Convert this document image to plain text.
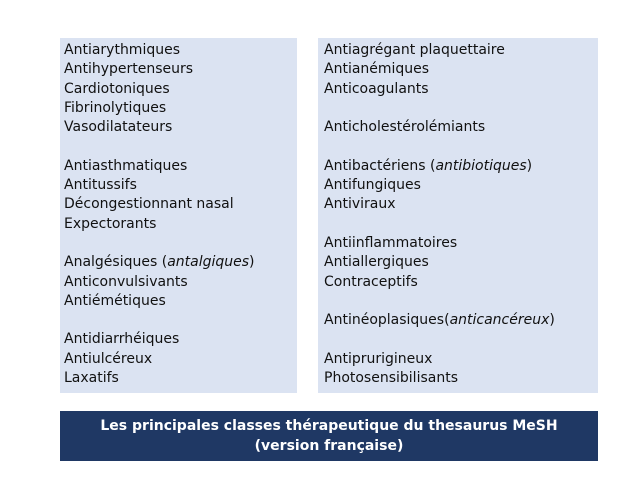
Antiarythmiques
Antihypertenseurs
Cardiotoniques
Fibrinolytiques
Vasodilatateurs
Antiasthmatiques
Antitussifs
Décongestionnant nasal
Expectorants
Analgésiques (antalgiques)
Anticonvulsivants
Antiémétiques
Antidiarrhéiques
Antiulcéreux
Laxatifs
Antiagrégant plaquettaire
Antianémiques
Anticoagulants
Anticholestérolémiants
Antibactériens (antibiotiques)
Antifungiques
Antiviraux
Antiinflammatoires
Antiallergiques
Contraceptifs
Antinéoplasiques(anticancéreux)
Antiprurigineux
Photosensibilisants
Les principales classes thérapeutique du thesaurus MeSH
(version française)
